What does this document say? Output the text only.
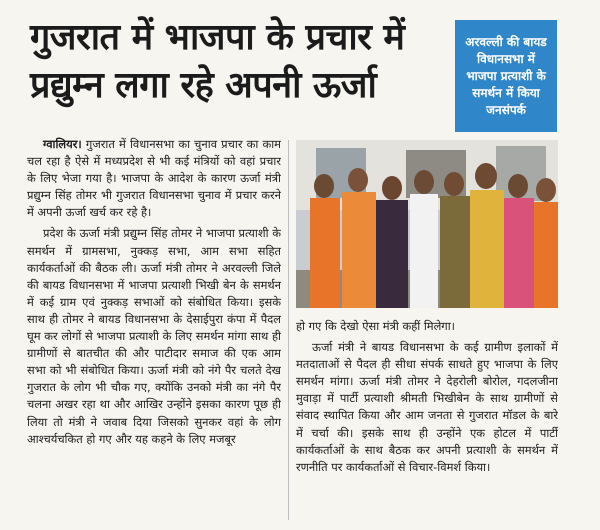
गुजरात में भाजपा के प्रचार में
प्रद्युम्न लगा रहे अपनी ऊर्जा
अरवल्ली की बायड
विधानसभा में
भाजपा प्रत्याशी के
समर्थन में किया
जनसंपर्क

ग्वालियर। गुजरात में विधानसभा का चुनाव प्रचार का काम चल रहा है ऐसे में मध्यप्रदेश से भी कई मंत्रियों को वहां प्रचार के लिए भेजा गया है। भाजपा के आदेश के कारण ऊर्जा मंत्री प्रद्युम्न सिंह तोमर भी गुजरात विधानसभा चुनाव में प्रचार करने में अपनी ऊर्जा खर्च कर रहे है।

प्रदेश के ऊर्जा मंत्री प्रद्युम्न सिंह तोमर ने भाजपा प्रत्याशी के समर्थन में ग्रामसभा, नुक्कड़ सभा, आम सभा सहित कार्यकर्ताओं की बैठक ली। ऊर्जा मंत्री तोमर ने अरवल्ली जिले की बायड विधानसभा में भाजपा प्रत्याशी भिखी बेन के समर्थन में कई ग्राम एवं नुक्कड़ सभाओं को संबोधित किया। इसके साथ ही तोमर ने बायड विधानसभा के देसाईपुरा कंपा में पैदल घूम कर लोगों से भाजपा प्रत्याशी के लिए समर्थन मांगा साथ ही ग्रामीणों से बातचीत की और पाटीदार समाज की एक आम सभा को भी संबोधित किया। ऊर्जा मंत्री को नंगे पैर चलते देख गुजरात के लोग भी चौक गए, क्योंकि उनको मंत्री का नंगे पैर चलना अखर रहा था और आखिर उन्होंने इसका कारण पूछ ही लिया तो मंत्री ने जवाब दिया जिसको सुनकर वहां के लोग आश्चर्यचकित हो गए और यह कहने के लिए मजबूर

हो गए कि देखो ऐसा मंत्री कहीं मिलेगा।

ऊर्जा मंत्री ने बायड विधानसभा के कई ग्रामीण इलाकों में मतदाताओं से पैदल ही सीधा संपर्क साधते हुए भाजपा के लिए समर्थन मांगा। ऊर्जा मंत्री तोमर ने देहरोली बोरोल, गदलजीना मुवाड़ा में पार्टी प्रत्याशी श्रीमती भिखीबेन के साथ ग्रामीणों से संवाद स्थापित किया और आम जनता से गुजरात मॉडल के बारे में चर्चा की। इसके साथ ही उन्होंने एक होटल में पार्टी कार्यकर्ताओं के साथ बैठक कर अपनी प्रत्याशी के समर्थन में रणनीति पर कार्यकर्ताओं से विचार-विमर्श किया।
